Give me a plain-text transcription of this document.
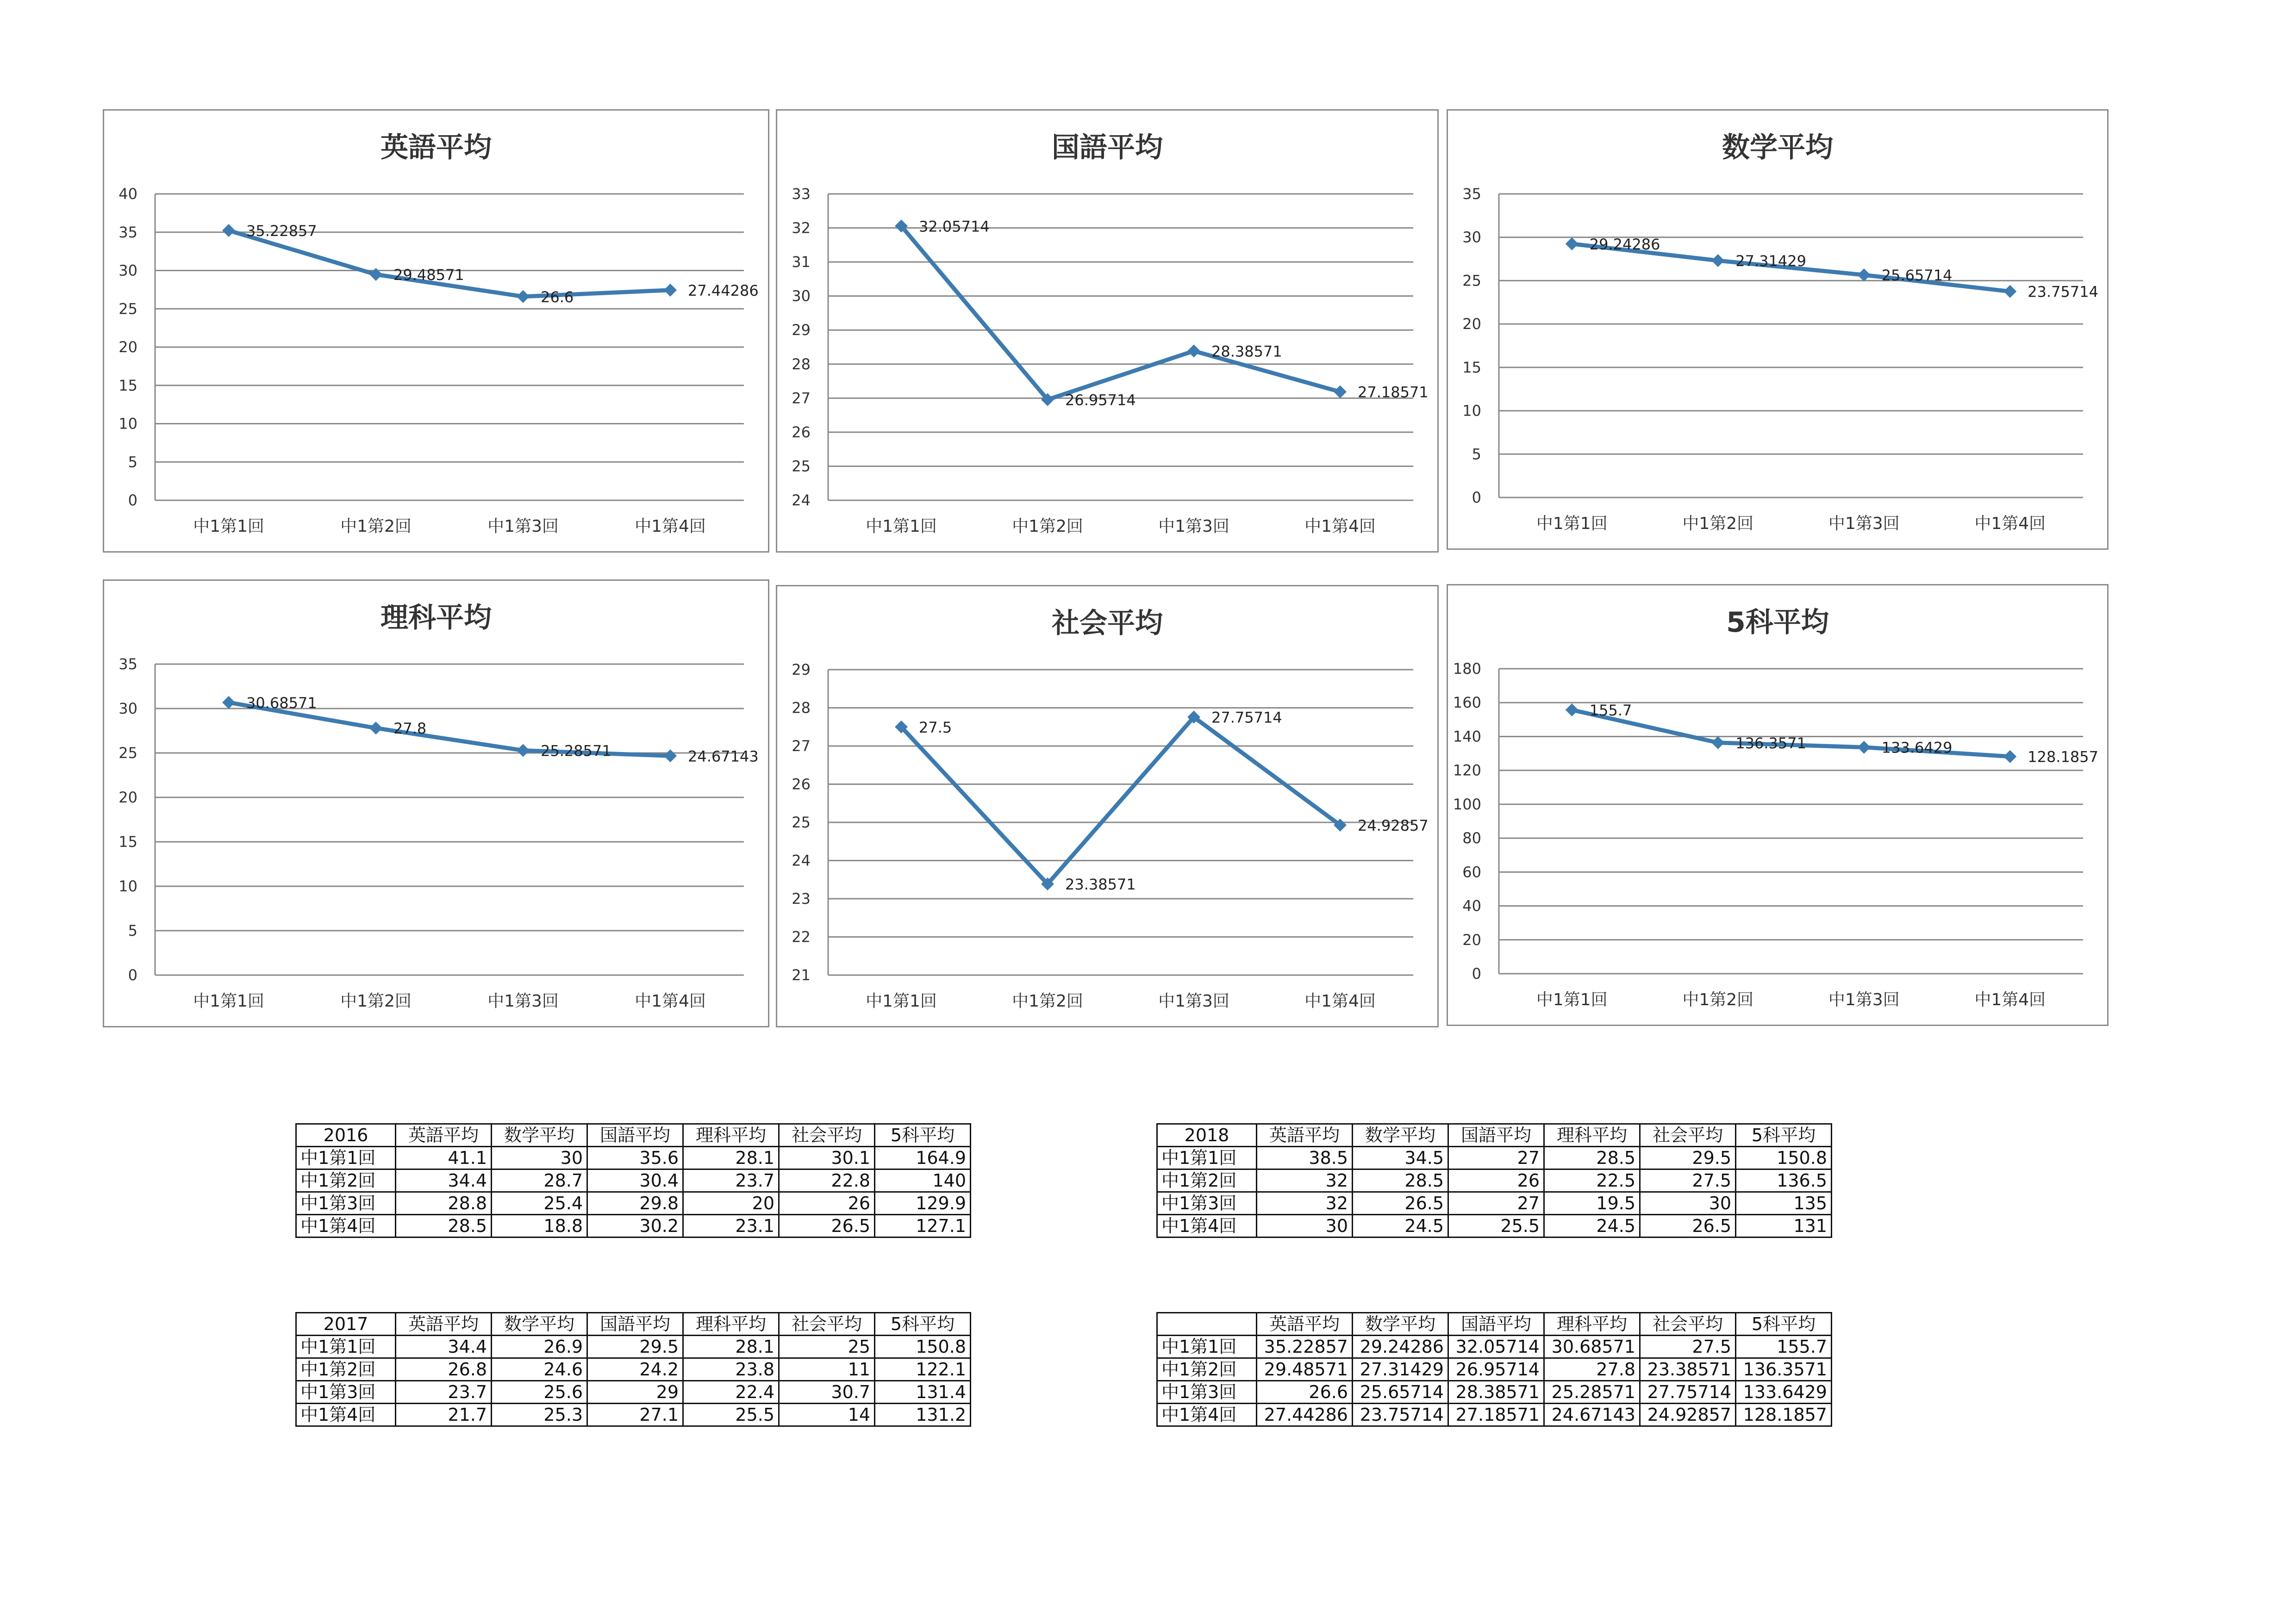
英語平均
0
5
10
15
20
25
30
35
40
中1第1回	中1第2回	中1第3回	中1第4回
35.22857
29.48571
26.6	27.44286
国語平均
24
25
26
27
28
29
30
31
32
33
中1第1回	中1第2回	中1第3回	中1第4回
32.05714
26.95714
28.38571
27.18571
数学平均
0
5
10
15
20
25
30
35
中1第1回	中1第2回	中1第3回	中1第4回
29.24286
27.31429
25.65714
23.75714
理科平均
0
5
10
15
20
25
30
35
中1第1回	中1第2回	中1第3回	中1第4回
30.68571
27.8
25.28571	24.67143
社会平均
21
22
23
24
25
26
27
28
29
中1第1回	中1第2回	中1第3回	中1第4回
27.5
23.38571
27.75714
24.92857
5科平均
0
20
40
60
80
100
120
140
160
180
中1第1回	中1第2回	中1第3回	中1第4回
155.7
136.3571	133.6429
128.1857
2016	英語平均	数学平均	国語平均	理科平均	社会平均	5科平均
中1第1回	41.1	30	35.6	28.1	30.1	164.9
中1第2回	34.4	28.7	30.4	23.7	22.8	140
中1第3回	28.8	25.4	29.8	20	26	129.9
中1第4回	28.5	18.8	30.2	23.1	26.5	127.1
2018	英語平均	数学平均	国語平均	理科平均	社会平均	5科平均
中1第1回	38.5	34.5	27	28.5	29.5	150.8
中1第2回	32	28.5	26	22.5	27.5	136.5
中1第3回	32	26.5	27	19.5	30	135
中1第4回	30	24.5	25.5	24.5	26.5	131
2017	英語平均	数学平均	国語平均	理科平均	社会平均	5科平均
中1第1回	34.4	26.9	29.5	28.1	25	150.8
中1第2回	26.8	24.6	24.2	23.8	11	122.1
中1第3回	23.7	25.6	29	22.4	30.7	131.4
中1第4回	21.7	25.3	27.1	25.5	14	131.2
	英語平均	数学平均	国語平均	理科平均	社会平均	5科平均
中1第1回	35.22857	29.24286	32.05714	30.68571	27.5	155.7
中1第2回	29.48571	27.31429	26.95714	27.8	23.38571	136.3571
中1第3回	26.6	25.65714	28.38571	25.28571	27.75714	133.6429
中1第4回	27.44286	23.75714	27.18571	24.67143	24.92857	128.1857
